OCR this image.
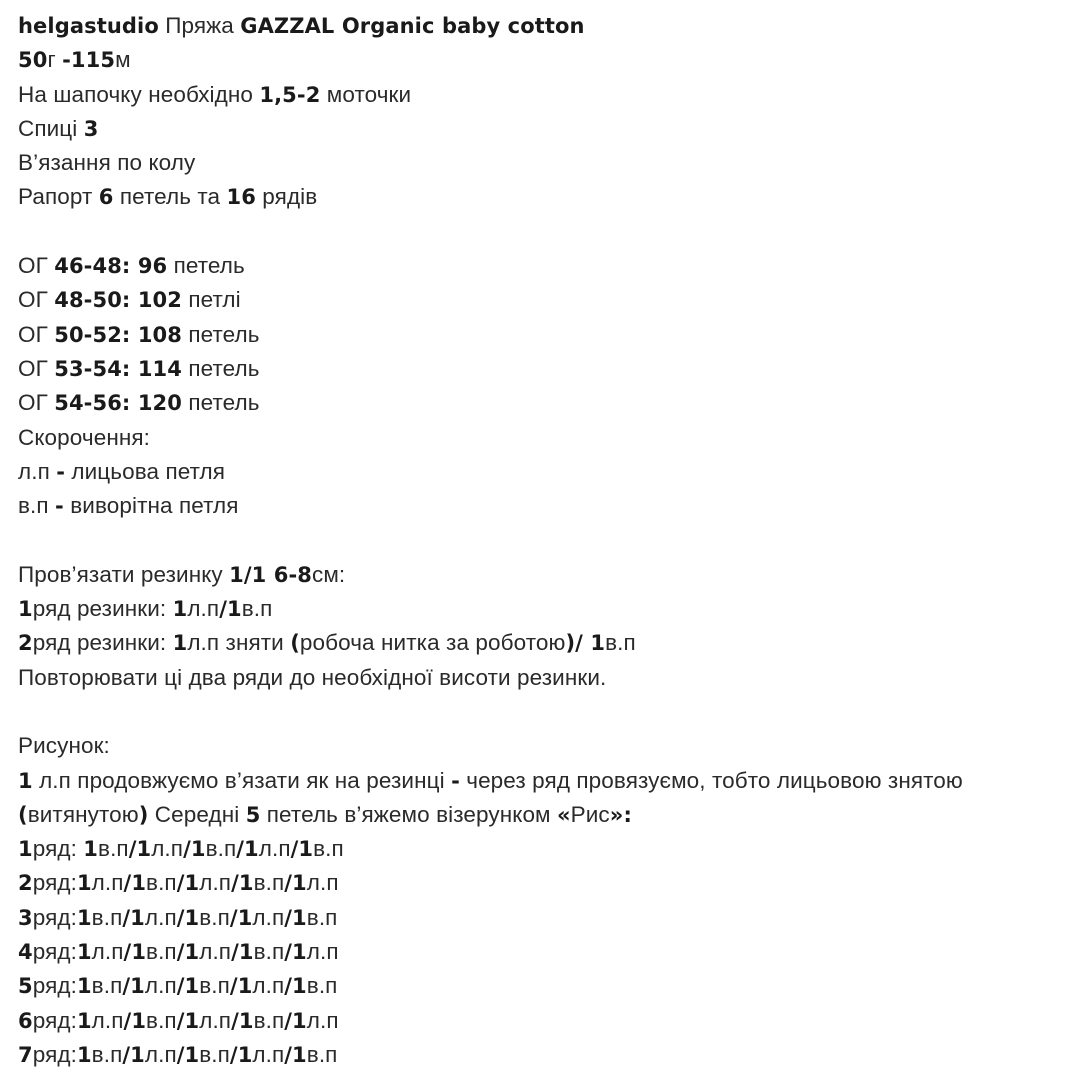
helgastudio Пряжа GAZZAL Organic baby cotton
50г -115м
На шапочку необхідно 1,5-2 моточки
Спиці 3
В’язання по колу
Рапорт 6 петель та 16 рядів
ОГ 46-48: 96 петель
ОГ 48-50: 102 петлі
ОГ 50-52: 108 петель
ОГ 53-54: 114 петель
ОГ 54-56: 120 петель
Скорочення:
л.п - лицьова петля
в.п - виворітна петля
Пров’язати резинку 1/1 6-8см:
1ряд резинки: 1л.п/1в.п
2ряд резинки: 1л.п зняти (робоча нитка за роботою)/ 1в.п
Повторювати ці два ряди до необхідної висоти резинки.
Рисунок:
1 л.п продовжуємо в’язати як на резинці - через ряд провязуємо, тобто лицьовою знятою
(витянутою) Середні 5 петель в’яжемо візерунком «Рис»:
1ряд: 1в.п/1л.п/1в.п/1л.п/1в.п
2ряд:1л.п/1в.п/1л.п/1в.п/1л.п
3ряд:1в.п/1л.п/1в.п/1л.п/1в.п
4ряд:1л.п/1в.п/1л.п/1в.п/1л.п
5ряд:1в.п/1л.п/1в.п/1л.п/1в.п
6ряд:1л.п/1в.п/1л.п/1в.п/1л.п
7ряд:1в.п/1л.п/1в.п/1л.п/1в.п
